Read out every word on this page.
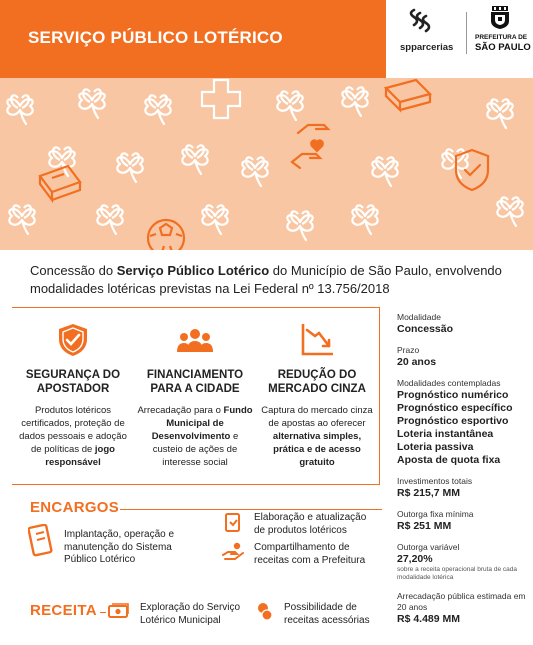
SERVIÇO PÚBLICO LOTÉRICO
spparcerias
PREFEITURA DE
SÃO PAULO
Concessão do Serviço Público Lotérico do Município de São Paulo, envolvendo modalidades lotéricas previstas na Lei Federal nº 13.756/2018
SEGURANÇA DO APOSTADOR
Produtos lotéricos certificados, proteção de dados pessoais e adoção de políticas de jogo responsável
FINANCIAMENTO PARA A CIDADE
Arrecadação para o Fundo Municipal de Desenvolvimento e custeio de ações de interesse social
REDUÇÃO DO MERCADO CINZA
Captura do mercado cinza de apostas ao oferecer alternativa simples, prática e de acesso gratuito
Modalidade
Concessão
Prazo
20 anos
Modalidades contempladas
Prognóstico numérico
Prognóstico específico
Prognóstico esportivo
Loteria instantânea
Loteria passiva
Aposta de quota fixa
Investimentos totais
R$ 215,7 MM
Outorga fixa mínima
R$ 251 MM
Outorga variável
27,20%
sobre a receita operacional bruta de cada modalidade lotérica
Arrecadação pública estimada em 20 anos
R$ 4.489 MM
ENCARGOS
Implantação, operação e manutenção do Sistema Público Lotérico
Elaboração e atualização de produtos lotéricos
Compartilhamento de receitas com a Prefeitura
RECEITA	Exploração do Serviço Lotérico Municipal
Possibilidade de receitas acessórias
